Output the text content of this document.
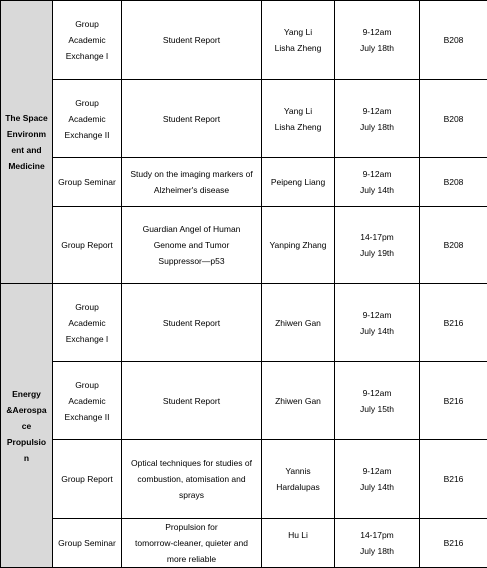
The Space
Environm
ent and
Medicine	Group
Academic
Exchange I	Student Report	Yang Li
Lisha Zheng	9-12am
July 18th	B208

	Group
Academic
Exchange II	Student Report	Yang Li
Lisha Zheng	9-12am
July 18th	B208

	Group Seminar	Study on the imaging markers of
Alzheimer's disease	Peipeng Liang	9-12am
July 14th	B208

	Group Report	Guardian Angel of Human
Genome and Tumor
Suppressor—p53	Yanping Zhang	14-17pm
July 19th	B208

Energy
&Aerospa
ce
Propulsio
n	Group
Academic
Exchange I	Student Report	Zhiwen Gan	9-12am
July 14th	B216

	Group
Academic
Exchange II	Student Report	Zhiwen Gan	9-12am
July 15th	B216

	Group Report	Optical techniques for studies of
combustion, atomisation and
sprays	Yannis
Hardalupas	9-12am
July 14th	B216

	Group Seminar	Propulsion for
tomorrow-cleaner, quieter and
more reliable	Hu Li	14-17pm
July 18th	B216
